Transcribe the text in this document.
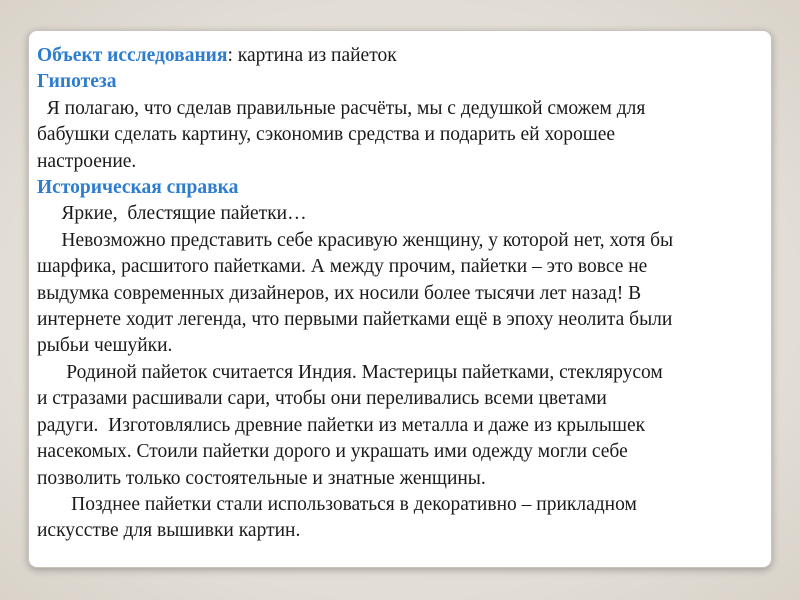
Объект исследования: картина из пайеток

Гипотеза

Я полагаю, что сделав правильные расчёты, мы с дедушкой сможем для

бабушки сделать картину, сэкономив средства и подарить ей хорошее

настроение.

Историческая справка

Яркие,  блестящие пайетки…

Невозможно представить себе красивую женщину, у которой нет, хотя бы

шарфика, расшитого пайетками. А между прочим, пайетки – это вовсе не

выдумка современных дизайнеров, их носили более тысячи лет назад! В

интернете ходит легенда, что первыми пайетками ещё в эпоху неолита были

рыбьи чешуйки.

Родиной пайеток считается Индия. Мастерицы пайетками, стеклярусом

и стразами расшивали сари, чтобы они переливались всеми цветами

радуги.  Изготовлялись древние пайетки из металла и даже из крылышек

насекомых. Стоили пайетки дорого и украшать ими одежду могли себе

позволить только состоятельные и знатные женщины.

Позднее пайетки стали использоваться в декоративно – прикладном

искусстве для вышивки картин.
